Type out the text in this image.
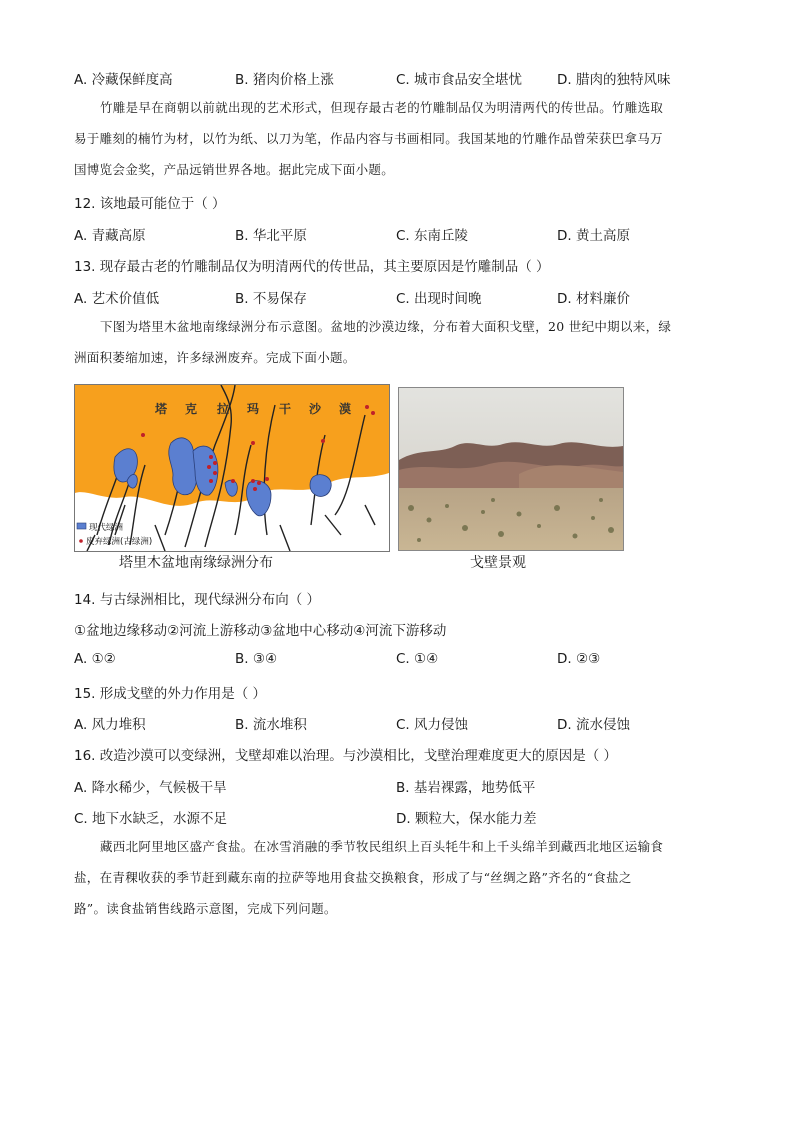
A. 冷藏保鲜度高	B. 猪肉价格上涨	C. 城市食品安全堪忧	D. 腊肉的独特风味
竹雕是早在商朝以前就出现的艺术形式，但现存最古老的竹雕制品仅为明清两代的传世品。竹雕选取
易于雕刻的楠竹为材，以竹为纸、以刀为笔，作品内容与书画相同。我国某地的竹雕作品曾荣获巴拿马万
国博览会金奖，产品远销世界各地。据此完成下面小题。
12. 该地最可能位于（ ）
A. 青藏高原	B. 华北平原	C. 东南丘陵	D. 黄土高原
13. 现存最古老的竹雕制品仅为明清两代的传世品，其主要原因是竹雕制品（ ）
A. 艺术价值低	B. 不易保存	C. 出现时间晚	D. 材料廉价
下图为塔里木盆地南缘绿洲分布示意图。盆地的沙漠边缘，分布着大面积戈壁，20 世纪中期以来，绿
洲面积萎缩加速，许多绿洲废弃。完成下面小题。
塔 克 拉 玛 干 沙 漠
现代绿洲
废弃绿洲(古绿洲)
塔里木盆地南缘绿洲分布	戈壁景观
14. 与古绿洲相比，现代绿洲分布向（ ）
①盆地边缘移动②河流上游移动③盆地中心移动④河流下游移动
A. ①②	B. ③④	C. ①④	D. ②③
15. 形成戈壁的外力作用是（ ）
A. 风力堆积	B. 流水堆积	C. 风力侵蚀	D. 流水侵蚀
16. 改造沙漠可以变绿洲，戈壁却难以治理。与沙漠相比，戈壁治理难度更大的原因是（ ）
A. 降水稀少，气候极干旱	B. 基岩裸露，地势低平
C. 地下水缺乏，水源不足	D. 颗粒大，保水能力差
藏西北阿里地区盛产食盐。在冰雪消融的季节牧民组织上百头牦牛和上千头绵羊到藏西北地区运输食
盐，在青稞收获的季节赶到藏东南的拉萨等地用食盐交换粮食，形成了与“丝绸之路”齐名的“食盐之
路”。读食盐销售线路示意图，完成下列问题。
